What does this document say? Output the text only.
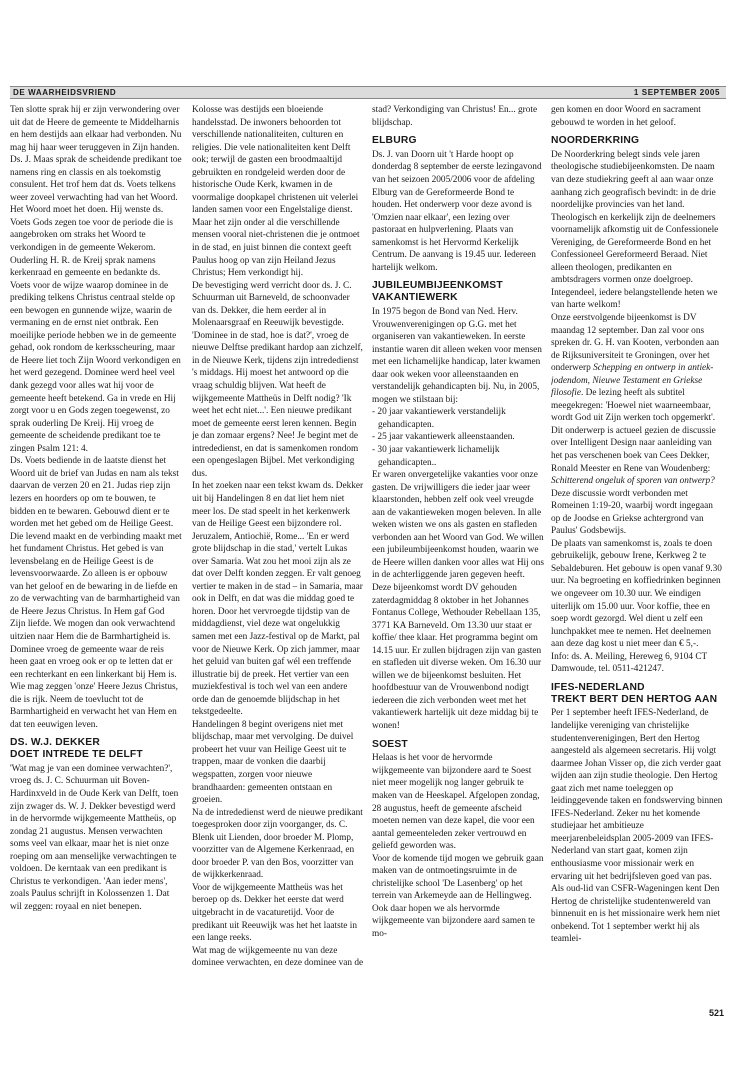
DE WAARHEIDSVRIEND	1 SEPTEMBER 2005

Ten slotte sprak hij er zijn verwondering over uit dat de Heere de gemeente te Middelharnis en hem destijds aan elkaar had verbonden. Nu mag hij haar weer teruggeven in Zijn handen.

Ds. J. Maas sprak de scheidende predikant toe namens ring en classis en als toekomstig consulent. Het trof hem dat ds. Voets telkens weer zoveel verwachting had van het Woord. Het Woord moet het doen. Hij wenste ds. Voets Gods zegen toe voor de periode die is aangebroken om straks het Woord te verkondigen in de gemeente Wekerom.

Ouderling H. R. de Kreij sprak namens kerkenraad en gemeente en bedankte ds. Voets voor de wijze waarop dominee in de prediking telkens Christus centraal stelde op een bewogen en gunnende wijze, waarin de vermaning en de ernst niet ontbrak. Een moeilijke periode hebben we in de gemeente gehad, ook rondom de kerksscheuring, maar de Heere liet toch Zijn Woord verkondigen en het werd gezegend. Dominee werd heel veel dank gezegd voor alles wat hij voor de gemeente heeft betekend. Ga in vrede en Hij zorgt voor u en Gods zegen toegewenst, zo sprak ouderling De Kreij. Hij vroeg de gemeente de scheidende predikant toe te zingen Psalm 121: 4.

Ds. Voets bediende in de laatste dienst het Woord uit de brief van Judas en nam als tekst daarvan de verzen 20 en 21. Judas riep zijn lezers en hoorders op om te bouwen, te bidden en te bewaren. Gebouwd dient er te worden met het gebed om de Heilige Geest. Die levend maakt en de verbinding maakt met het fundament Christus. Het gebed is van levensbelang en de Heilige Geest is de levensvoorwaarde. Zo alleen is er opbouw van het geloof en de bewaring in de liefde en zo de verwachting van de barmhartigheid van de Heere Jezus Christus. In Hem gaf God Zijn liefde. We mogen dan ook verwachtend uitzien naar Hem die de Barmhartigheid is. Dominee vroeg de gemeente waar de reis heen gaat en vroeg ook er op te letten dat er een rechterkant en een linkerkant bij Hem is. Wie mag zeggen 'onze' Heere Jezus Christus, die is rijk. Neem de toevlucht tot de Barmhartigheid en verwacht het van Hem en dat ten eeuwigen leven.

DS. W.J. DEKKER
DOET INTREDE TE DELFT

'Wat mag je van een dominee verwachten?', vroeg ds. J. C. Schuurman uit Boven-Hardinxveld in de Oude Kerk van Delft, toen zijn zwager ds. W. J. Dekker bevestigd werd in de hervormde wijkgemeente Mattheüs, op zondag 21 augustus. Mensen verwachten soms veel van elkaar, maar het is niet onze roeping om aan menselijke verwachtingen te voldoen. De kerntaak van een predikant is Christus te verkondigen. 'Aan ieder mens', zoals Paulus schrijft in Kolossenzen 1. Dat wil zeggen: royaal en niet benepen.

Kolosse was destijds een bloeiende handelsstad. De inwoners behoorden tot verschillende nationaliteiten, culturen en religies. Die vele nationaliteiten kent Delft ook; terwijl de gasten een broodmaaltijd gebruikten en rondgeleid werden door de historische Oude Kerk, kwamen in de voormalige doopkapel christenen uit velerlei landen samen voor een Engelstalige dienst. Maar het zijn onder al die verschillende mensen vooral niet-christenen die je ontmoet in de stad, en juist binnen die context geeft Paulus hoog op van zijn Heiland Jezus Christus; Hem verkondigt hij.

De bevestiging werd verricht door ds. J. C. Schuurman uit Barneveld, de schoonvader van ds. Dekker, die hem eerder al in Molenaarsgraaf en Reeuwijk bevestigde.

'Dominee in de stad, hoe is dat?', vroeg de nieuwe Delftse predikant hardop aan zichzelf, in de Nieuwe Kerk, tijdens zijn intrededienst 's middags. Hij moest het antwoord op die vraag schuldig blijven. Wat heeft de wijkgemeente Mattheüs in Delft nodig? 'Ik weet het echt niet...'. Een nieuwe predikant moet de gemeente eerst leren kennen. Begin je dan zomaar ergens? Nee! Je begint met de intrededienst, en dat is samenkomen rondom een opengeslagen Bijbel. Met verkondiging dus.

In het zoeken naar een tekst kwam ds. Dekker uit bij Handelingen 8 en dat liet hem niet meer los. De stad speelt in het kerkenwerk van de Heilige Geest een bijzondere rol. Jeruzalem, Antiochië, Rome... 'En er werd grote blijdschap in die stad,' vertelt Lukas over Samaria. Wat zou het mooi zijn als ze dat over Delft konden zeggen. Er valt genoeg vertier te maken in de stad – in Samaria, maar ook in Delft, en dat was die middag goed te horen. Door het vervroegde tijdstip van de middagdienst, viel deze wat ongelukkig samen met een Jazz-festival op de Markt, pal voor de Nieuwe Kerk. Op zich jammer, maar het geluid van buiten gaf wél een treffende illustratie bij de preek. Het vertier van een muziekfestival is toch wel van een andere orde dan de genoemde blijdschap in het tekstgedeelte.

Handelingen 8 begint overigens niet met blijdschap, maar met vervolging. De duivel probeert het vuur van Heilige Geest uit te trappen, maar de vonken die daarbij wegspatten, zorgen voor nieuwe brandhaarden: gemeenten ontstaan en groeien.

Na de intrededienst werd de nieuwe predikant toegesproken door zijn voorganger, ds. C. Blenk uit Lienden, door broeder M. Plomp, voorzitter van de Algemene Kerkenraad, en door broeder P. van den Bos, voorzitter van de wijkkerkenraad.

Voor de wijkgemeente Mattheüs was het beroep op ds. Dekker het eerste dat werd uitgebracht in de vacaturetijd. Voor de predikant uit Reeuwijk was het het laatste in een lange reeks.

Wat mag de wijkgemeente nu van deze dominee verwachten, en deze dominee van de

stad? Verkondiging van Christus! En... grote blijdschap.

ELBURG

Ds. J. van Doorn uit 't Harde hoopt op donderdag 8 september de eerste lezingavond van het seizoen 2005/2006 voor de afdeling Elburg van de Gereformeerde Bond te houden. Het onderwerp voor deze avond is 'Omzien naar elkaar', een lezing over pastoraat en hulpverlening. Plaats van samenkomst is het Hervormd Kerkelijk Centrum. De aanvang is 19.45 uur. Iedereen hartelijk welkom.

JUBILEUMBIJEENKOMST
VAKANTIEWERK

In 1975 begon de Bond van Ned. Herv. Vrouwenverenigingen op G.G. met het organiseren van vakantieweken. In eerste instantie waren dit alleen weken voor mensen met een lichamelijke handicap, later kwamen daar ook weken voor alleenstaanden en verstandelijk gehandicapten bij. Nu, in 2005, mogen we stilstaan bij:

- 20 jaar vakantiewerk verstandelijk gehandicapten.
- 25 jaar vakantiewerk alleenstaanden.
- 30 jaar vakantiewerk lichamelijk gehandicapten..

Er waren onvergetelijke vakanties voor onze gasten. De vrijwilligers die ieder jaar weer klaarstonden, hebben zelf ook veel vreugde aan de vakantieweken mogen beleven. In alle weken wisten we ons als gasten en stafleden verbonden aan het Woord van God. We willen een jubileumbijeenkomst houden, waarin we de Heere willen danken voor alles wat Hij ons in de achterliggende jaren gegeven heeft. Deze bijeenkomst wordt DV gehouden zaterdagmiddag 8 oktober in het Johannes Fontanus College, Wethouder Rebellaan 135, 3771 KA Barneveld. Om 13.30 uur staat er koffie/ thee klaar. Het programma begint om 14.15 uur. Er zullen bijdragen zijn van gasten en stafleden uit diverse weken. Om 16.30 uur willen we de bijeenkomst besluiten. Het hoofdbestuur van de Vrouwenbond nodigt iedereen die zich verbonden weet met het vakantiewerk hartelijk uit deze middag bij te wonen!

SOEST

Helaas is het voor de hervormde wijkgemeente van bijzondere aard te Soest niet meer mogelijk nog langer gebruik te maken van de Heeskapel. Afgelopen zondag, 28 augustus, heeft de gemeente afscheid moeten nemen van deze kapel, die voor een aantal gemeenteleden zeker vertrouwd en geliefd geworden was.

Voor de komende tijd mogen we gebruik gaan maken van de ontmoetingsruimte in de christelijke school 'De Lasenberg' op het terrein van Arkemeyde aan de Hellingweg. Ook daar hopen we als hervormde wijkgemeente van bijzondere aard samen te mo-

gen komen en door Woord en sacrament gebouwd te worden in het geloof.

NOORDERKRING

De Noorderkring belegt sinds vele jaren theologische studiebijeenkomsten. De naam van deze studiekring geeft al aan waar onze aanhang zich geografisch bevindt: in de drie noordelijke provincies van het land. Theologisch en kerkelijk zijn de deelnemers voornamelijk afkomstig uit de Confessionele Vereniging, de Gereformeerde Bond en het Confessioneel Gereformeerd Beraad. Niet alleen theologen, predikanten en ambtsdragers vormen onze doelgroep. Integendeel, iedere belangstellende heten we van harte welkom!

Onze eerstvolgende bijeenkomst is DV maandag 12 september. Dan zal voor ons spreken dr. G. H. van Kooten, verbonden aan de Rijksuniversiteit te Groningen, over het onderwerp Schepping en ontwerp in antiek-jodendom, Nieuwe Testament en Griekse filosofie. De lezing heeft als subtitel meegekregen: 'Hoewel niet waarneembaar, wordt God uit Zijn werken toch opgemerkt'. Dit onderwerp is actueel gezien de discussie over Intelligent Design naar aanleiding van het pas verschenen boek van Cees Dekker, Ronald Meester en Rene van Woudenberg: Schitterend ongeluk of sporen van ontwerp? Deze discussie wordt verbonden met Romeinen 1:19-20, waarbij wordt ingegaan op de Joodse en Griekse achtergrond van Paulus' Godsbewijs.

De plaats van samenkomst is, zoals te doen gebruikelijk, gebouw Irene, Kerkweg 2 te Sebaldeburen. Het gebouw is open vanaf 9.30 uur. Na begroeting en koffiedrinken beginnen we ongeveer om 10.30 uur. We eindigen uiterlijk om 15.00 uur. Voor koffie, thee en soep wordt gezorgd. Wel dient u zelf een lunchpakket mee te nemen. Het deelnemen aan deze dag kost u niet meer dan € 5,-.

Info: ds. A. Meiling, Hereweg 6, 9104 CT Damwoude, tel. 0511-421247.

IFES-NEDERLAND
TREKT BERT DEN HERTOG AAN

Per 1 september heeft IFES-Nederland, de landelijke vereniging van christelijke studentenverenigingen, Bert den Hertog aangesteld als algemeen secretaris. Hij volgt daarmee Johan Visser op, die zich verder gaat wijden aan zijn studie theologie. Den Hertog gaat zich met name toeleggen op leidinggevende taken en fondswerving binnen IFES-Nederland. Zeker nu het komende studiejaar het ambitieuze meerjarenbeleidsplan 2005-2009 van IFES-Nederland van start gaat, komen zijn enthousiasme voor missionair werk en ervaring uit het bedrijfsleven goed van pas. Als oud-lid van CSFR-Wageningen kent Den Hertog de christelijke studentenwereld van binnenuit en is het missionaire werk hem niet onbekend. Tot 1 september werkt hij als teamlei-

521
